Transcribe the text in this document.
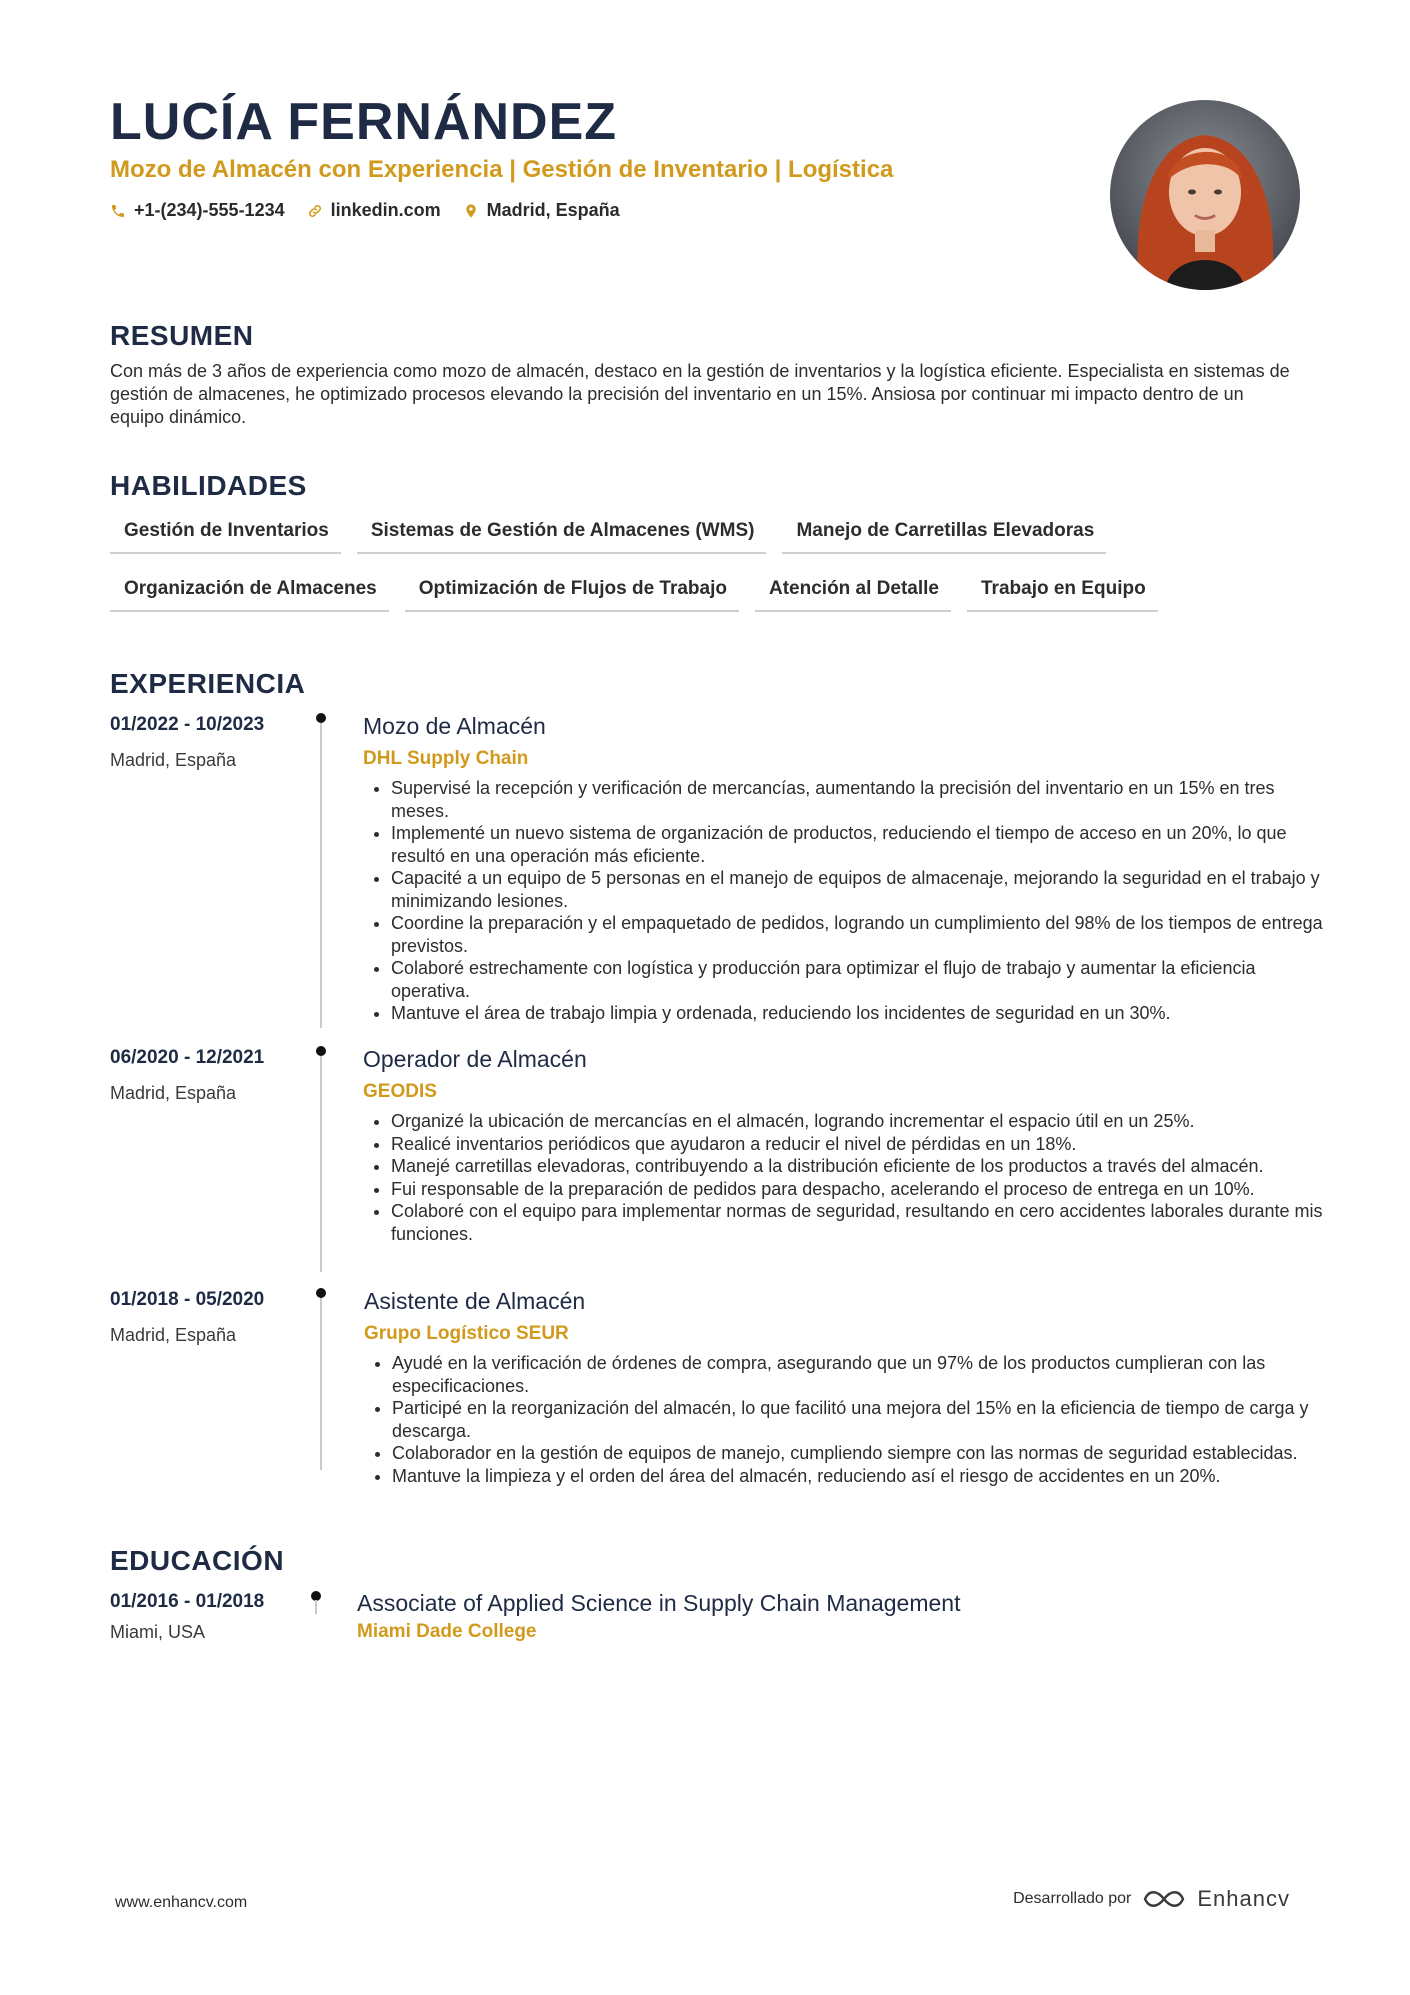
LUCÍA FERNÁNDEZ
Mozo de Almacén con Experiencia | Gestión de Inventario | Logística
+1-(234)-555-1234	linkedin.com	Madrid, España
RESUMEN
Con más de 3 años de experiencia como mozo de almacén, destaco en la gestión de inventarios y la logística eficiente. Especialista en sistemas de gestión de almacenes, he optimizado procesos elevando la precisión del inventario en un 15%. Ansiosa por continuar mi impacto dentro de un equipo dinámico.
HABILIDADES
Gestión de Inventarios	Sistemas de Gestión de Almacenes (WMS)	Manejo de Carretillas Elevadoras
Organización de Almacenes	Optimización de Flujos de Trabajo	Atención al Detalle	Trabajo en Equipo
EXPERIENCIA
01/2022 - 10/2023
Madrid, España
Mozo de Almacén
DHL Supply Chain
• Supervisé la recepción y verificación de mercancías, aumentando la precisión del inventario en un 15% en tres meses.
• Implementé un nuevo sistema de organización de productos, reduciendo el tiempo de acceso en un 20%, lo que resultó en una operación más eficiente.
• Capacité a un equipo de 5 personas en el manejo de equipos de almacenaje, mejorando la seguridad en el trabajo y minimizando lesiones.
• Coordine la preparación y el empaquetado de pedidos, logrando un cumplimiento del 98% de los tiempos de entrega previstos.
• Colaboré estrechamente con logística y producción para optimizar el flujo de trabajo y aumentar la eficiencia operativa.
• Mantuve el área de trabajo limpia y ordenada, reduciendo los incidentes de seguridad en un 30%.
06/2020 - 12/2021
Madrid, España
Operador de Almacén
GEODIS
• Organizé la ubicación de mercancías en el almacén, logrando incrementar el espacio útil en un 25%.
• Realicé inventarios periódicos que ayudaron a reducir el nivel de pérdidas en un 18%.
• Manejé carretillas elevadoras, contribuyendo a la distribución eficiente de los productos a través del almacén.
• Fui responsable de la preparación de pedidos para despacho, acelerando el proceso de entrega en un 10%.
• Colaboré con el equipo para implementar normas de seguridad, resultando en cero accidentes laborales durante mis funciones.
01/2018 - 05/2020
Madrid, España
Asistente de Almacén
Grupo Logístico SEUR
• Ayudé en la verificación de órdenes de compra, asegurando que un 97% de los productos cumplieran con las especificaciones.
• Participé en la reorganización del almacén, lo que facilitó una mejora del 15% en la eficiencia de tiempo de carga y descarga.
• Colaborador en la gestión de equipos de manejo, cumpliendo siempre con las normas de seguridad establecidas.
• Mantuve la limpieza y el orden del área del almacén, reduciendo así el riesgo de accidentes en un 20%.
EDUCACIÓN
01/2016 - 01/2018
Miami, USA
Associate of Applied Science in Supply Chain Management
Miami Dade College
www.enhancv.com	Desarrollado por	Enhancv
